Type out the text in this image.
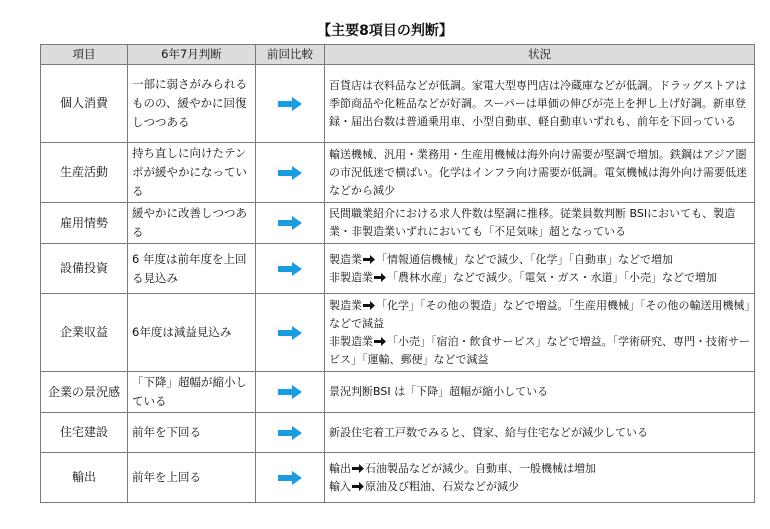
【主要8項目の判断】
項目	6年7月判断	前回比較	状況
個人消費	一部に弱さがみられるものの、緩やかに回復しつつある		百貨店は衣料品などが低調。家電大型専門店は冷蔵庫などが低調。ドラッグストアは季節商品や化粧品などが好調。スーパーは単価の伸びが売上を押し上げ好調。新車登録・届出台数は普通乗用車、小型自動車、軽自動車いずれも、前年を下回っている

生産活動	持ち直しに向けたテンポが緩やかになっている		輸送機械、汎用・業務用・生産用機械は海外向け需要が堅調で増加。鉄鋼はアジア圏の市況低迷で横ばい。化学はインフラ向け需要が低調。電気機械は海外向け需要低迷などから減少

雇用情勢	緩やかに改善しつつある		民間職業紹介における求人件数は堅調に推移。従業員数判断 BSIにおいても、製造業・非製造業いずれにおいても「不足気味」超となっている

設備投資	6 年度は前年度を上回る見込み		製造業 「情報通信機械」などで減少、「化学」「自動車」などで増加
非製造業 「農林水産」などで減少。「電気・ガス・水道」「小売」などで増加

企業収益	6年度は減益見込み		製造業 「化学」「その他の製造」などで増益。「生産用機械」「その他の輸送用機械」などで減益
非製造業 「小売」「宿泊・飲食サービス」などで増益。「学術研究、専門・技術サービス」「運輸、郵便」などで減益

企業の景況感	「下降」超幅が縮小している		景況判断BSI は「下降」超幅が縮小している

住宅建設	前年を下回る		新設住宅着工戸数でみると、貸家、給与住宅などが減少している

輸出	前年を上回る		輸出 石油製品などが減少。自動車、一般機械は増加
輸入 原油及び粗油、石炭などが減少
